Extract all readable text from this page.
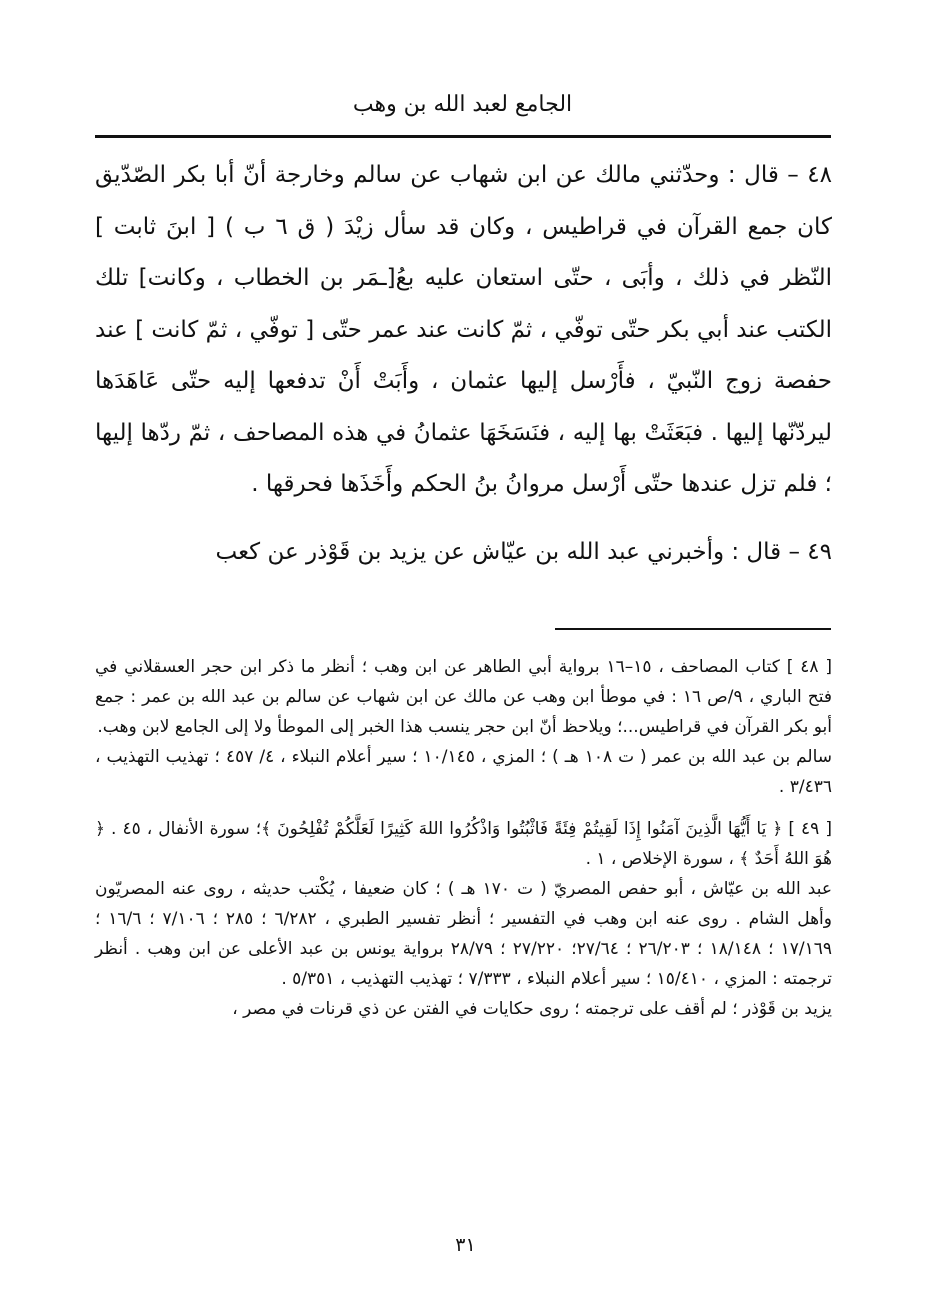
الجامع لعبد الله بن وهب

٤٨ – قال : وحدّثني مالك عن ابن شهاب عن سالم وخارجة أنّ أبا بكر الصّدّيق كان جمع القرآن في قراطيس ، وكان قد سأل زيْدَ ( ق ٦ ب ) [ ابنَ ثابت ] النّظر في ذلك ، وأبَى ، حتّى استعان عليه بعُ[ـمَر بن الخطاب ، وكانت] تلك الكتب عند أبي بكر حتّى توفّي ، ثمّ كانت عند عمر حتّى [ توفّي ، ثمّ كانت ] عند حفصة زوج النّبيّ ، فأَرْسل إليها عثمان ، وأَبَتْ أَنْ تدفعها إليه حتّى عَاهَدَها ليردّنّها إليها . فبَعَثَتْ بها إليه ، فنَسَخَهَا عثمانُ في هذه المصاحف ، ثمّ ردّها إليها ؛ فلم تزل عندها حتّى أَرْسل مروانُ بنُ الحكم وأَخَذَها فحرقها .

٤٩ – قال : وأخبرني عبد الله بن عيّاش عن يزيد بن قَوْذر عن كعب

[ ٤٨ ] كتاب المصاحف ، ١٥–١٦ برواية أبي الطاهر عن ابن وهب ؛ أنظر ما ذكر ابن حجر العسقلاني في فتح الباري ، ٩/ص ١٦ : في موطأ ابن وهب عن مالك عن ابن شهاب عن سالم بن عبد الله بن عمر : جمع أبو بكر القرآن في قراطيس...؛ ويلاحظ أنّ ابن حجر ينسب هذا الخبر إلى الموطأ ولا إلى الجامع لابن وهب.

سالم بن عبد الله بن عمر ( ت ١٠٨ هـ ) ؛ المزي ، ١٠/١٤٥ ؛ سير أعلام النبلاء ، ٤/ ٤٥٧ ؛ تهذيب التهذيب ، ٣/٤٣٦ .

[ ٤٩ ] ﴿ يَا أَيُّهَا الَّذِينَ آمَنُوا إِذَا لَقِيتُمْ فِئَةً فَاثْبُتُوا وَاذْكُرُوا اللهَ كَثِيرًا لَعَلَّكُمْ تُفْلِحُونَ ﴾؛ سورة الأنفال ، ٤٥ . ﴿ هُوَ اللهُ أَحَدٌ ﴾ ، سورة الإخلاص ، ١ .

عبد الله بن عيّاش ، أبو حفص المصريّ ( ت ١٧٠ هـ ) ؛ كان ضعيفا ، يُكْتب حديثه ، روى عنه المصريّون وأهل الشام . روى عنه ابن وهب في التفسير ؛ أنظر تفسير الطبري ، ٦/٢٨٢ ؛ ٢٨٥ ؛ ٧/١٠٦ ؛ ١٦/٦ ؛ ١٧/١٦٩ ؛ ١٨/١٤٨ ؛ ٢٦/٢٠٣ ؛ ٢٧/٦٤؛ ٢٧/٢٢٠ ؛ ٢٨/٧٩ برواية يونس بن عبد الأعلى عن ابن وهب . أنظر ترجمته : المزي ، ١٥/٤١٠ ؛ سير أعلام النبلاء ، ٧/٣٣٣ ؛ تهذيب التهذيب ، ٥/٣٥١ .

يزيد بن قَوْذر ؛ لم أقف على ترجمته ؛ روى حكايات في الفتن عن ذي قرنات في مصر ،

٣١
